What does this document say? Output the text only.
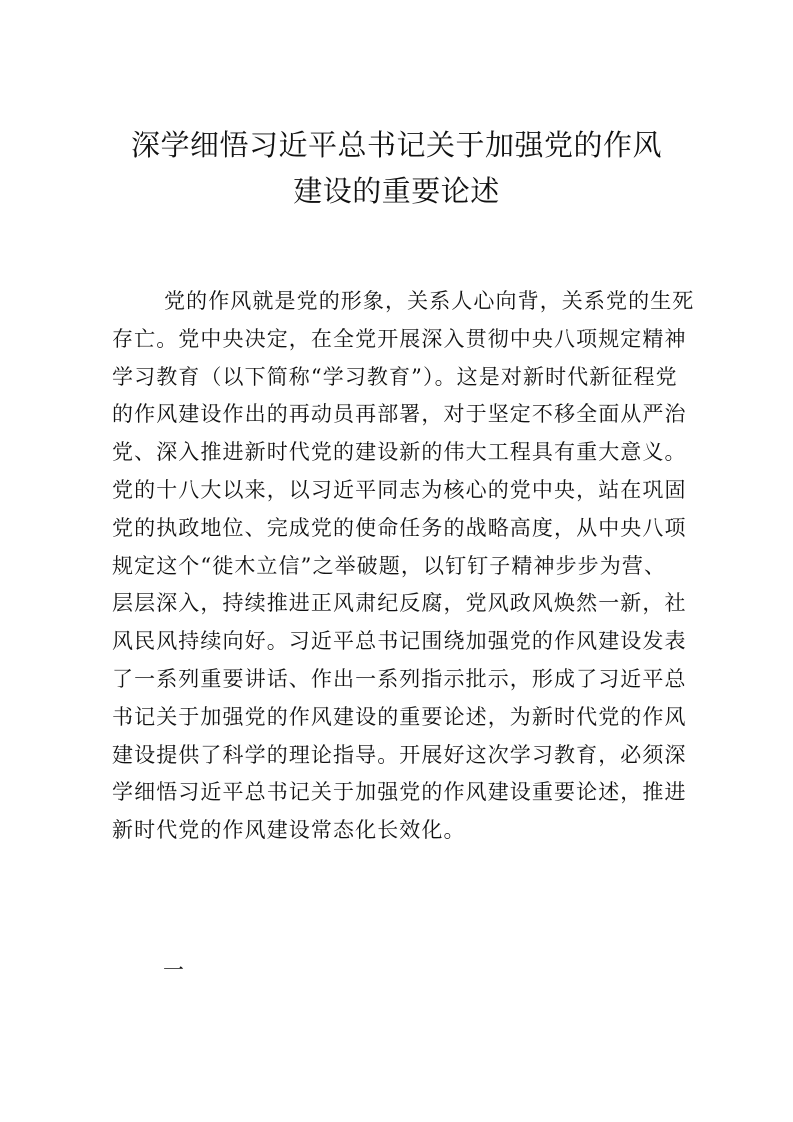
深学细悟习近平总书记关于加强党的作风
建设的重要论述
党的作风就是党的形象，关系人心向背，关系党的生死
存亡。党中央决定，在全党开展深入贯彻中央八项规定精神
学习教育（以下简称“学习教育”）。这是对新时代新征程党
的作风建设作出的再动员再部署，对于坚定不移全面从严治
党、深入推进新时代党的建设新的伟大工程具有重大意义。
党的十八大以来，以习近平同志为核心的党中央，站在巩固
党的执政地位、完成党的使命任务的战略高度，从中央八项
规定这个“徙木立信”之举破题，以钉钉子精神步步为营、
层层深入，持续推进正风肃纪反腐，党风政风焕然一新，社
风民风持续向好。习近平总书记围绕加强党的作风建设发表
了一系列重要讲话、作出一系列指示批示，形成了习近平总
书记关于加强党的作风建设的重要论述，为新时代党的作风
建设提供了科学的理论指导。开展好这次学习教育，必须深
学细悟习近平总书记关于加强党的作风建设重要论述，推进
新时代党的作风建设常态化长效化。
一
